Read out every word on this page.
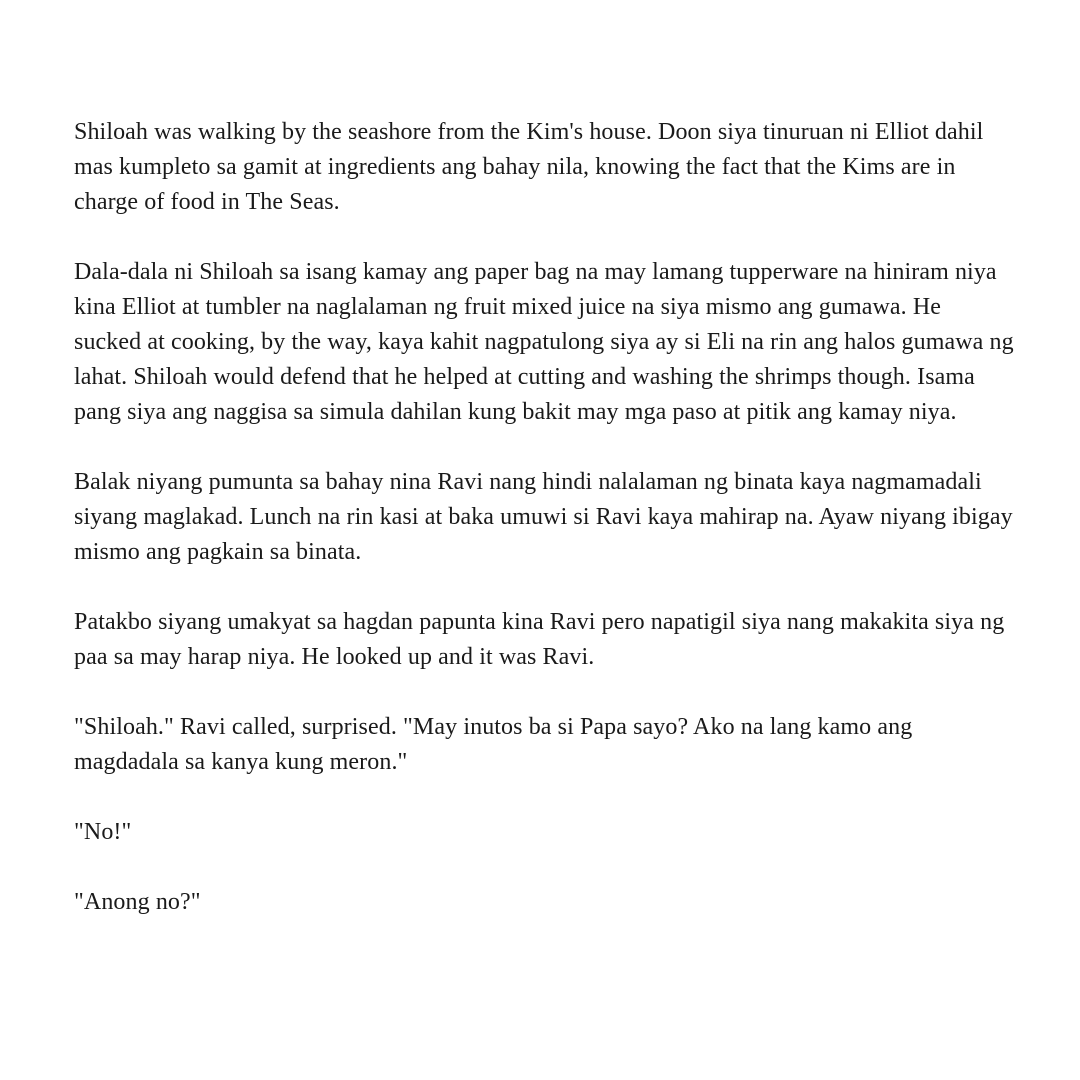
Shiloah was walking by the seashore from the Kim's house. Doon siya tinuruan ni Elliot dahil mas kumpleto sa gamit at ingredients ang bahay nila, knowing the fact that the Kims are in charge of food in The Seas.

Dala-dala ni Shiloah sa isang kamay ang paper bag na may lamang tupperware na hiniram niya kina Elliot at tumbler na naglalaman ng fruit mixed juice na siya mismo ang gumawa. He sucked at cooking, by the way, kaya kahit nagpatulong siya ay si Eli na rin ang halos gumawa ng lahat. Shiloah would defend that he helped at cutting and washing the shrimps though. Isama pang siya ang naggisa sa simula dahilan kung bakit may mga paso at pitik ang kamay niya.

Balak niyang pumunta sa bahay nina Ravi nang hindi nalalaman ng binata kaya nagmamadali siyang maglakad. Lunch na rin kasi at baka umuwi si Ravi kaya mahirap na. Ayaw niyang ibigay mismo ang pagkain sa binata.

Patakbo siyang umakyat sa hagdan papunta kina Ravi pero napatigil siya nang makakita siya ng paa sa may harap niya. He looked up and it was Ravi.

"Shiloah." Ravi called, surprised. "May inutos ba si Papa sayo? Ako na lang kamo ang magdadala sa kanya kung meron."

"No!"

"Anong no?"
